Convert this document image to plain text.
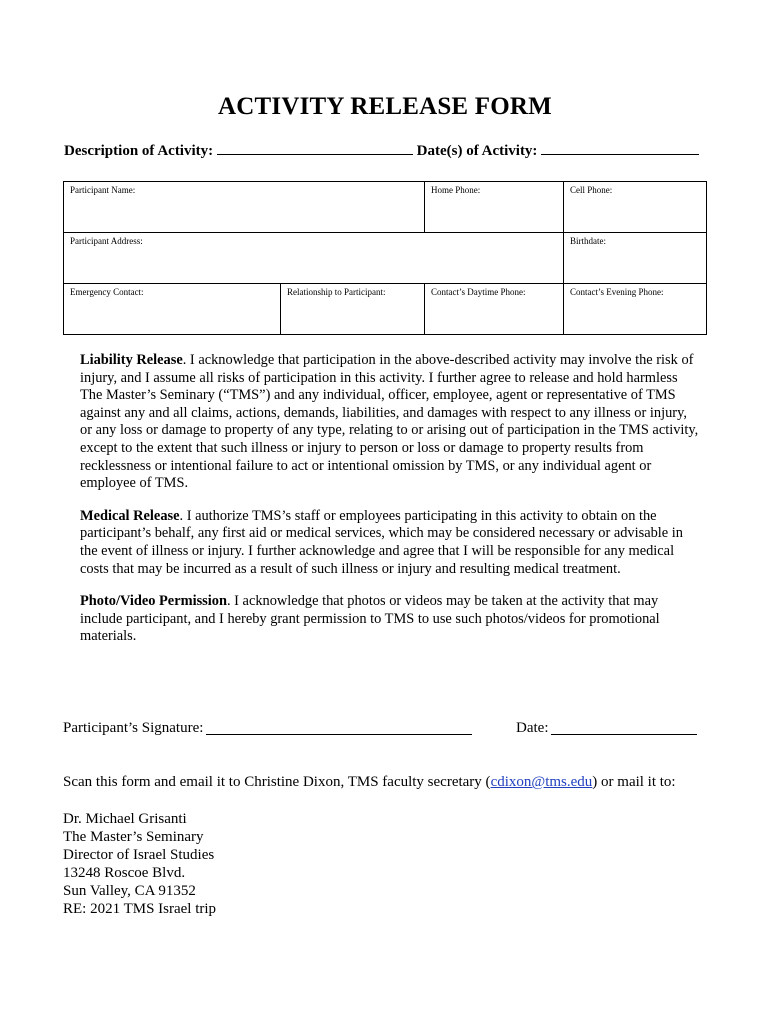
ACTIVITY RELEASE FORM
Description of Activity:	Date(s) of Activity:
Participant Name:		Home Phone:	Cell Phone:
Participant Address:			Birthdate:
Emergency Contact:	Relationship to Participant:	Contact’s Daytime Phone:	Contact’s Evening Phone:

Liability Release. I acknowledge that participation in the above-described activity may involve the risk of injury, and I assume all risks of participation in this activity. I further agree to release and hold harmless The Master’s Seminary (“TMS”) and any individual, officer, employee, agent or representative of TMS against any and all claims, actions, demands, liabilities, and damages with respect to any illness or injury, or any loss or damage to property of any type, relating to or arising out of participation in the TMS activity, except to the extent that such illness or injury to person or loss or damage to property results from recklessness or intentional failure to act or intentional omission by TMS, or any individual agent or employee of TMS.

Medical Release. I authorize TMS’s staff or employees participating in this activity to obtain on the participant’s behalf, any first aid or medical services, which may be considered necessary or advisable in the event of illness or injury. I further acknowledge and agree that I will be responsible for any medical costs that may be incurred as a result of such illness or injury and resulting medical treatment.

Photo/Video Permission. I acknowledge that photos or videos may be taken at the activity that may include participant, and I hereby grant permission to TMS to use such photos/videos for promotional materials.

Participant’s Signature:	Date:
Scan this form and email it to Christine Dixon, TMS faculty secretary (cdixon@tms.edu) or mail it to:
Dr. Michael Grisanti
The Master’s Seminary
Director of Israel Studies
13248 Roscoe Blvd.
Sun Valley, CA 91352
RE: 2021 TMS Israel trip
